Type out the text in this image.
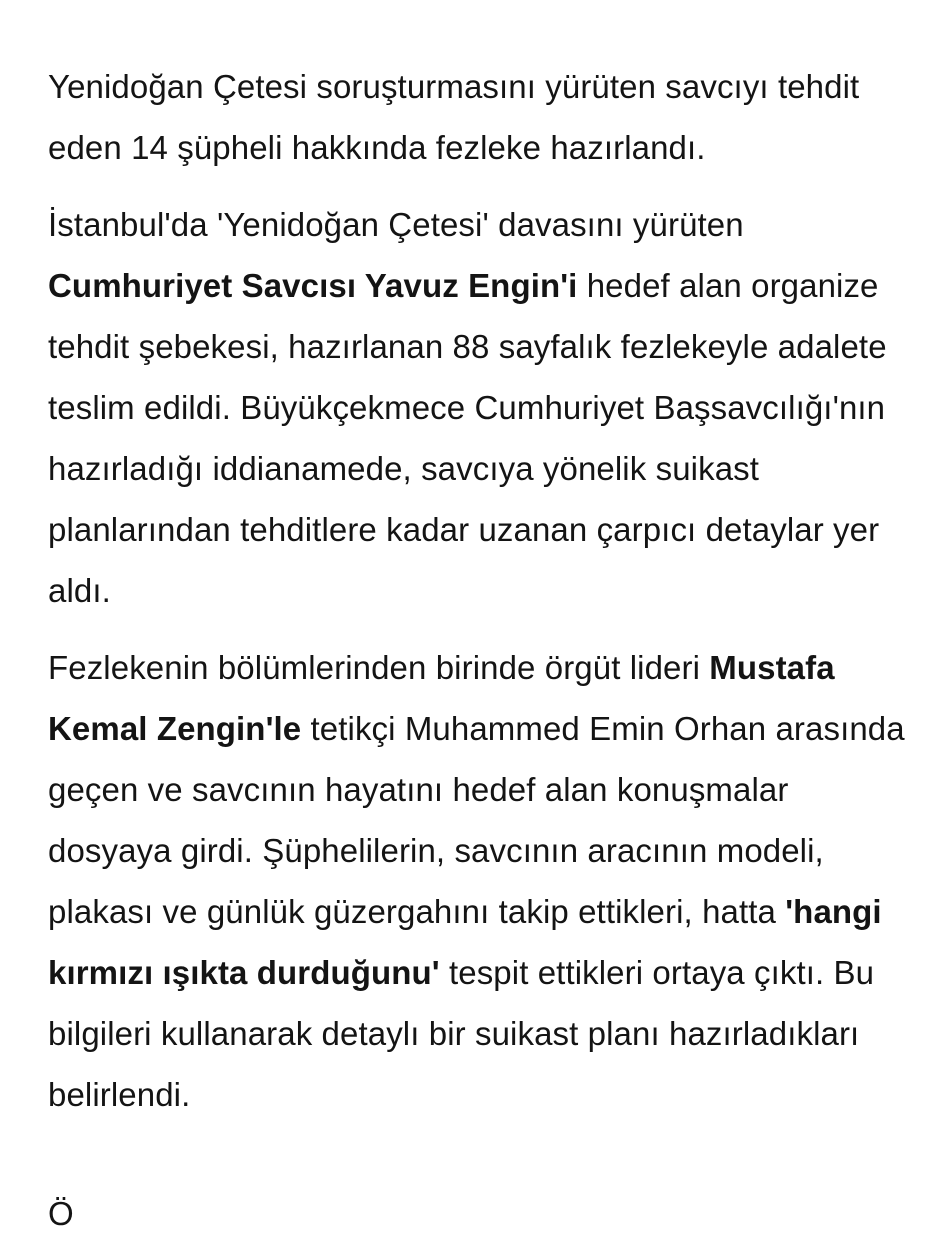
Yenidoğan Çetesi soruşturmasını yürüten savcıyı tehdit eden 14 şüpheli hakkında fezleke hazırlandı.

İstanbul'da 'Yenidoğan Çetesi' davasını yürüten Cumhuriyet Savcısı Yavuz Engin'i hedef alan organize tehdit şebekesi, hazırlanan 88 sayfalık fezlekeyle adalete teslim edildi. Büyükçekmece Cumhuriyet Başsavcılığı'nın hazırladığı iddianamede, savcıya yönelik suikast planlarından tehditlere kadar uzanan çarpıcı detaylar yer aldı.

Fezlekenin bölümlerinden birinde örgüt lideri Mustafa Kemal Zengin'le tetikçi Muhammed Emin Orhan arasında geçen ve savcının hayatını hedef alan konuşmalar dosyaya girdi. Şüphelilerin, savcının aracının modeli, plakası ve günlük güzergahını takip ettikleri, hatta 'hangi kırmızı ışıkta durduğunu' tespit ettikleri ortaya çıktı. Bu bilgileri kullanarak detaylı bir suikast planı hazırladıkları belirlendi.

Ö
